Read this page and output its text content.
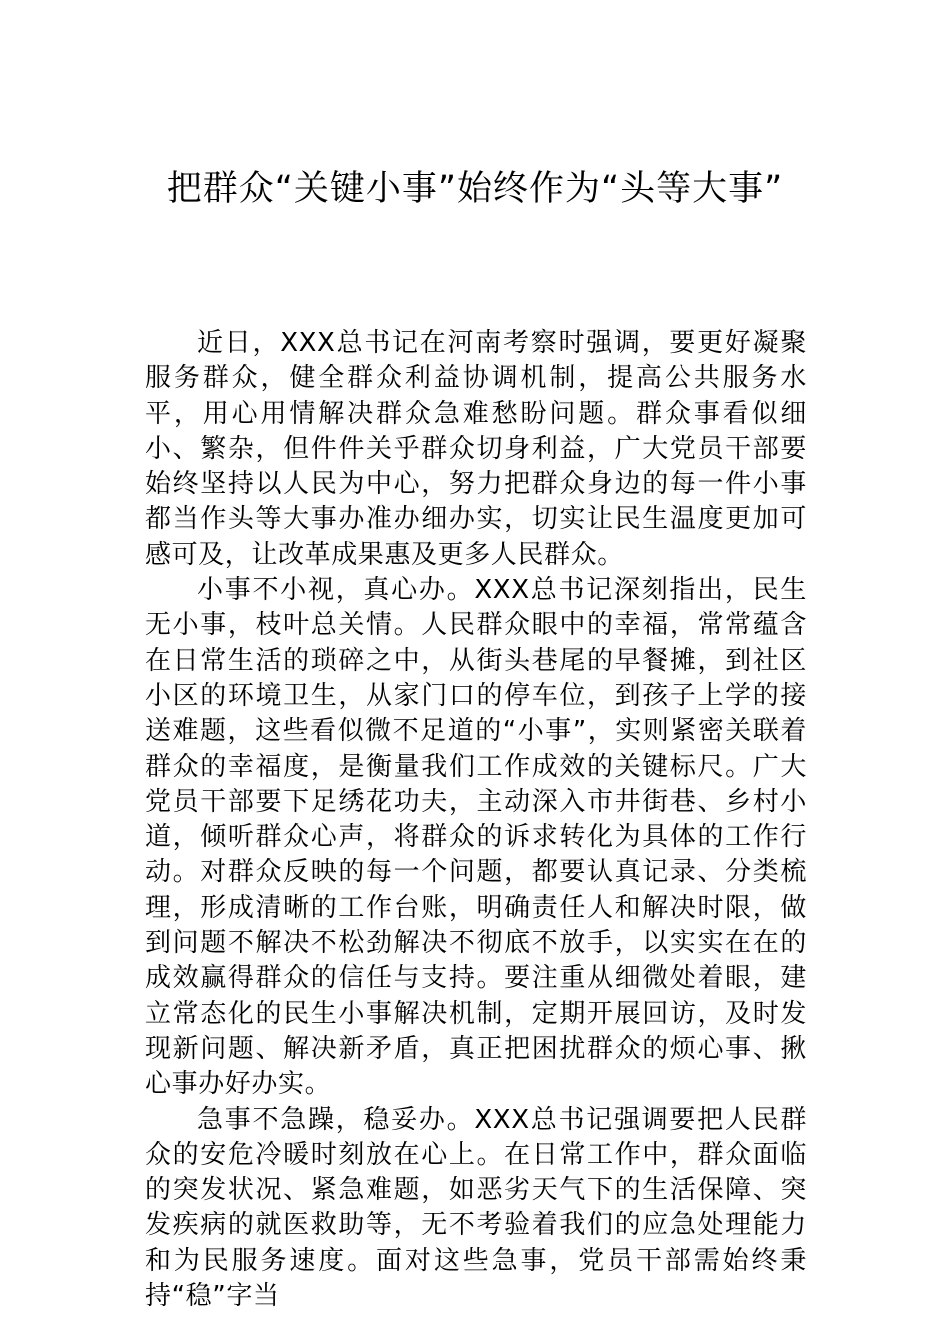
把群众“关键小事”始终作为“头等大事”

近日，XXX总书记在河南考察时强调，要更好凝聚服务群众，健全群众利益协调机制，提高公共服务水平，用心用情解决群众急难愁盼问题。群众事看似细小、繁杂，但件件关乎群众切身利益，广大党员干部要始终坚持以人民为中心，努力把群众身边的每一件小事都当作头等大事办准办细办实，切实让民生温度更加可感可及，让改革成果惠及更多人民群众。

小事不小视，真心办。XXX总书记深刻指出，民生无小事，枝叶总关情。人民群众眼中的幸福，常常蕴含在日常生活的琐碎之中，从街头巷尾的早餐摊，到社区小区的环境卫生，从家门口的停车位，到孩子上学的接送难题，这些看似微不足道的“小事”，实则紧密关联着群众的幸福度，是衡量我们工作成效的关键标尺。广大党员干部要下足绣花功夫，主动深入市井街巷、乡村小道，倾听群众心声，将群众的诉求转化为具体的工作行动。对群众反映的每一个问题，都要认真记录、分类梳理，形成清晰的工作台账，明确责任人和解决时限，做到问题不解决不松劲解决不彻底不放手，以实实在在的成效赢得群众的信任与支持。要注重从细微处着眼，建立常态化的民生小事解决机制，定期开展回访，及时发现新问题、解决新矛盾，真正把困扰群众的烦心事、揪心事办好办实。

急事不急躁，稳妥办。XXX总书记强调要把人民群众的安危冷暖时刻放在心上。在日常工作中，群众面临的突发状况、紧急难题，如恶劣天气下的生活保障、突发疾病的就医救助等，无不考验着我们的应急处理能力和为民服务速度。面对这些急事，党员干部需始终秉持“稳”字当
